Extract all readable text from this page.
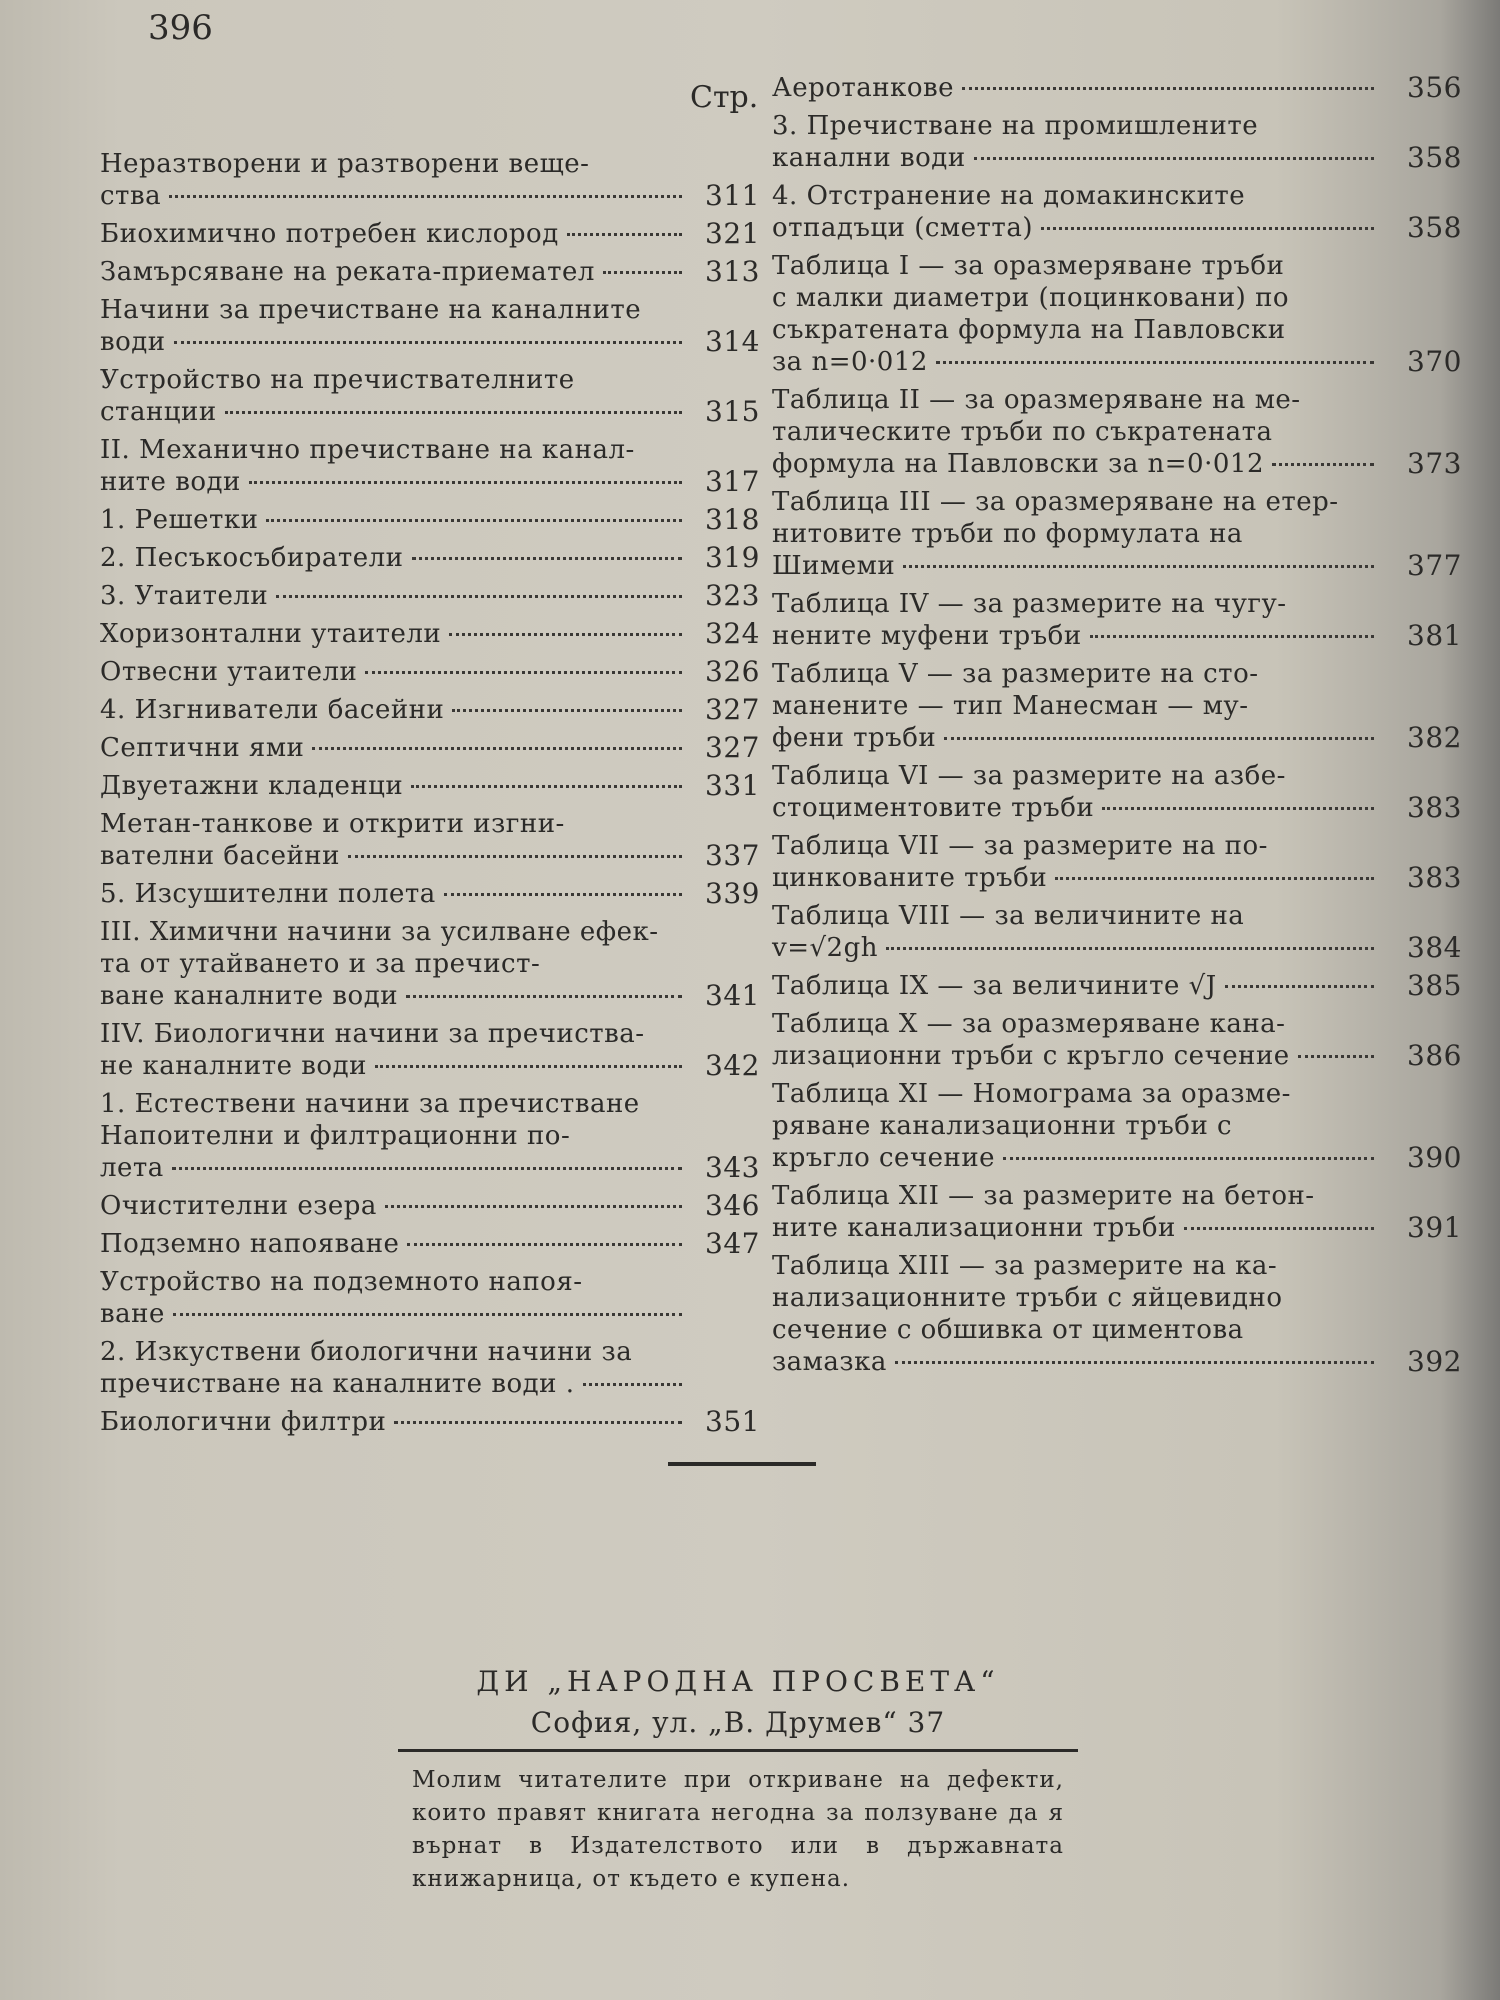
396
Стр.
Неразтворени и разтворени веще-
ства	311
Биохимично потребен кислород	321
Замърсяване на реката-приемател	313
Начини за пречистване на каналните
води	314
Устройство на пречиствателните
станции	315
II. Механично пречистване на канал-
ните води	317
1. Решетки	318
2. Песъкосъбиратели	319
3. Утаители	323
Хоризонтални утаители	324
Отвесни утаители	326
4. Изгниватели басейни	327
Септични ями	327
Двуетажни кладенци	331
Метан-танкове и открити изгни-
вателни басейни	337
5. Изсушителни полета	339
III. Химични начини за усилване ефек-
та от утайването и за пречист-
ване каналните води	341
IIV. Биологични начини за пречиства-
не каналните води	342
1. Естествени начини за пречистване
Напоителни и филтрационни по-
лета	343
Очистителни езера	346
Подземно напояване	347
Устройство на подземното напоя-
ване
2. Изкуствени биологични начини за
пречистване на каналните води .
Биологични филтри	351
Аеротанкове	356
3. Пречистване на промишлените
канални води	358
4. Отстранение на домакинските
отпадъци (сметта)	358
Таблица I — за оразмеряване тръби
с малки диаметри (поцинковани) по
съкратената формула на Павловски
за n=0·012	370
Таблица II — за оразмеряване на ме-
талическите тръби по съкратената
формула на Павловски за n=0·012	373
Таблица III — за оразмеряване на етер-
нитовите тръби по формулата на
Шимеми	377
Таблица IV — за размерите на чугу-
нените муфени тръби	381
Таблица V — за размерите на сто-
манените — тип Манесман — му-
фени тръби	382
Таблица VI — за размерите на азбе-
стоцимeнтовите тръби	383
Таблица VII — за размерите на по-
цинкованите тръби	383
Таблица VIII — за величините на
v=√2gh	384
Таблица IX — за величините √J	385
Таблица X — за оразмеряване кана-
лизационни тръби с кръгло сечение	386
Таблица XI — Номограма за оразме-
ряване канализационни тръби с
кръгло сечение	390
Таблица XII — за размерите на бетон-
ните канализационни тръби	391
Таблица XIII — за размерите на ка-
нализационните тръби с яйцевидно
сечение с обшивка от циментова
замазка	392
ДИ „НАРОДНА ПРОСВЕТА“
София, ул. „В. Друмев“ 37
Молим читателите при откриване на дефекти, които правят книгата негодна за ползуване да я върнат в Издателството или в държавната книжарница, от където е купена.
